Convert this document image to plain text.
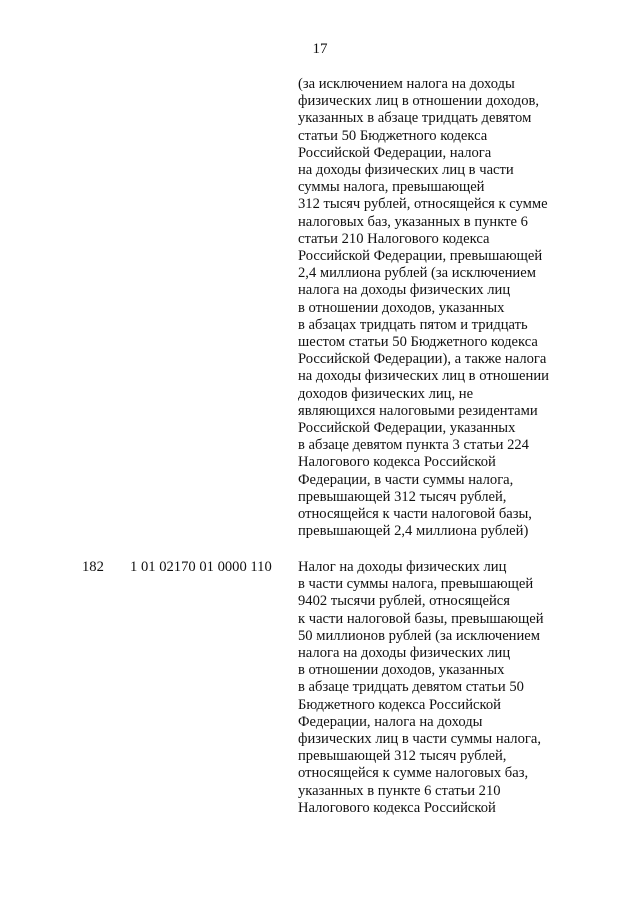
17
(за исключением налога на доходы
физических лиц в отношении доходов,
указанных в абзаце тридцать девятом
статьи 50 Бюджетного кодекса
Российской Федерации, налога
на доходы физических лиц в части
суммы налога, превышающей
312 тысяч рублей, относящейся к сумме
налоговых баз, указанных в пункте 6
статьи 210 Налогового кодекса
Российской Федерации, превышающей
2,4 миллиона рублей (за исключением
налога на доходы физических лиц
в отношении доходов, указанных
в абзацах тридцать пятом и тридцать
шестом статьи 50 Бюджетного кодекса
Российской Федерации), а также налога
на доходы физических лиц в отношении
доходов физических лиц, не
являющихся налоговыми резидентами
Российской Федерации, указанных
в абзаце девятом пункта 3 статьи 224
Налогового кодекса Российской
Федерации, в части суммы налога,
превышающей 312 тысяч рублей,
относящейся к части налоговой базы,
превышающей 2,4 миллиона рублей)
182 1 01 02170 01 0000 110 Налог на доходы физических лиц
в части суммы налога, превышающей
9402 тысячи рублей, относящейся
к части налоговой базы, превышающей
50 миллионов рублей (за исключением
налога на доходы физических лиц
в отношении доходов, указанных
в абзаце тридцать девятом статьи 50
Бюджетного кодекса Российской
Федерации, налога на доходы
физических лиц в части суммы налога,
превышающей 312 тысяч рублей,
относящейся к сумме налоговых баз,
указанных в пункте 6 статьи 210
Налогового кодекса Российской
